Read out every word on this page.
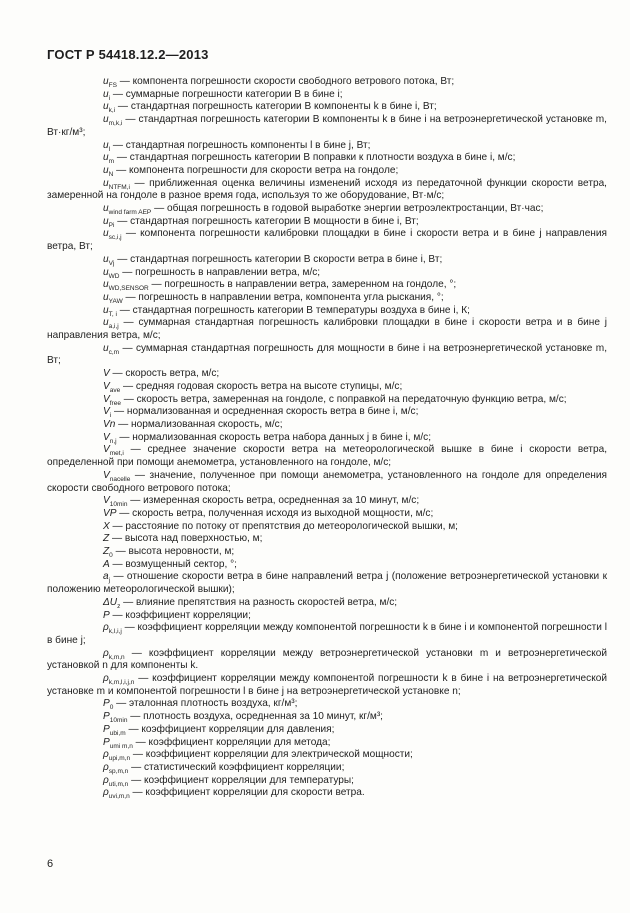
ГОСТ Р 54418.12.2—2013

$u_{FS}$ — компонента погрешности скорости свободного ветрового потока, Вт;

$u_i$ — суммарные погрешности категории В в бине i;

$u_{k,i}$ — стандартная погрешность категории В компоненты k в бине i, Вт;

$u_{m,k,i}$ — стандартная погрешность категории В компоненты k в бине i на ветроэнергетической установке m, Вт·кг/м³;

$u_l$ — стандартная погрешность компоненты l в бине j, Вт;

$u_m$ — стандартная погрешность категории В поправки к плотности воздуха в бине i, м/с;

$u_N$ — компонента погрешности для скорости ветра на гондоле;

$u_{NTFM,i}$ — приближенная оценка величины изменений исходя из передаточной функции скорости ветра, замеренной на гондоле в разное время года, используя то же оборудование, Вт·м/с;

$u_{wind farm AEP}$ — общая погрешность в годовой выработке энергии ветроэлектростанции, Вт·час;

$u_{Pi}$ — стандартная погрешность категории В мощности в бине i, Вт;

$u_{sc,i,j}$ — компонента погрешности калибровки площадки в бине i скорости ветра и в бине j направления ветра, Вт;

$u_{Vj}$ — стандартная погрешность категории В скорости ветра в бине i, Вт;

$u_{WD}$ — погрешность в направлении ветра, м/с;

$u_{WD,SENSOR}$ — погрешность в направлении ветра, замеренном на гондоле, °;

$u_{YAW}$ — погрешность в направлении ветра, компонента угла рыскания, °;

$u_{T, i}$ — стандартная погрешность категории В температуры воздуха в бине i, К;

$u_{a,i,j}$ — суммарная стандартная погрешность калибровки площадки в бине i скорости ветра и в бине j направления ветра, м/с;

$u_{c,m}$ — суммарная стандартная погрешность для мощности в бине i на ветроэнергетической установке m, Вт;

V — скорость ветра, м/с;

$V_{ave}$ — средняя годовая скорость ветра на высоте ступицы, м/с;

$V_{free}$ — скорость ветра, замеренная на гондоле, с поправкой на передаточную функцию ветра, м/с;

$V_i$ — нормализованная и осредненная скорость ветра в бине i, м/с;

Vn — нормализованная скорость, м/с;

$V_{n,j}$ — нормализованная скорость ветра набора данных j в бине i, м/с;

$V_{met,i}$ — среднее значение скорости ветра на метеорологической вышке в бине i скорости ветра, определенной при помощи анемометра, установленного на гондоле, м/с;

$V_{nacelle}$ — значение, полученное при помощи анемометра, установленного на гондоле для определения скорости свободного ветрового потока;

$V_{10min}$ — измеренная скорость ветра, осредненная за 10 минут, м/с;

VP — скорость ветра, полученная исходя из выходной мощности, м/с;

X — расстояние по потоку от препятствия до метеорологической вышки, м;

Z — высота над поверхностью, м;

$Z_0$ — высота неровности, м;

A — возмущенный сектор, °;

$a_j$ — отношение скорости ветра в бине направлений ветра j (положение ветроэнергетической установки к положению метеорологической вышки);

$\Delta U_z$ — влияние препятствия на разность скоростей ветра, м/с;

P — коэффициент корреляции;

$\rho_{k,l,i,j}$ — коэффициент корреляции между компонентой погрешности k в бине i и компонентой погрешности l в бине j;

$\rho_{k,m,n}$ — коэффициент корреляции между ветроэнергетической установки m и ветроэнергетической установкой n для компоненты k.

$\rho_{k,m,l,i,j,n}$ — коэффициент корреляции между компонентой погрешности k в бине i на ветроэнергетической установке m и компонентой погрешности l в бине j на ветроэнергетической установке n;

$P_0$ — эталонная плотность воздуха, кг/м³;

$P_{10min}$ — плотность воздуха, осредненная за 10 минут, кг/м³;

$P_{ubi,m}$ — коэффициент корреляции для давления;

$P_{umi m,n}$ — коэффициент корреляции для метода;

$\rho_{upi,m,n}$ — коэффициент корреляции для электрической мощности;

$\rho_{sp,m,n}$ — статистический коэффициент корреляции;

$\rho_{uti,m,n}$ — коэффициент корреляции для температуры;

$\rho_{uvi,m,n}$ — коэффициент корреляции для скорости ветра.

6
